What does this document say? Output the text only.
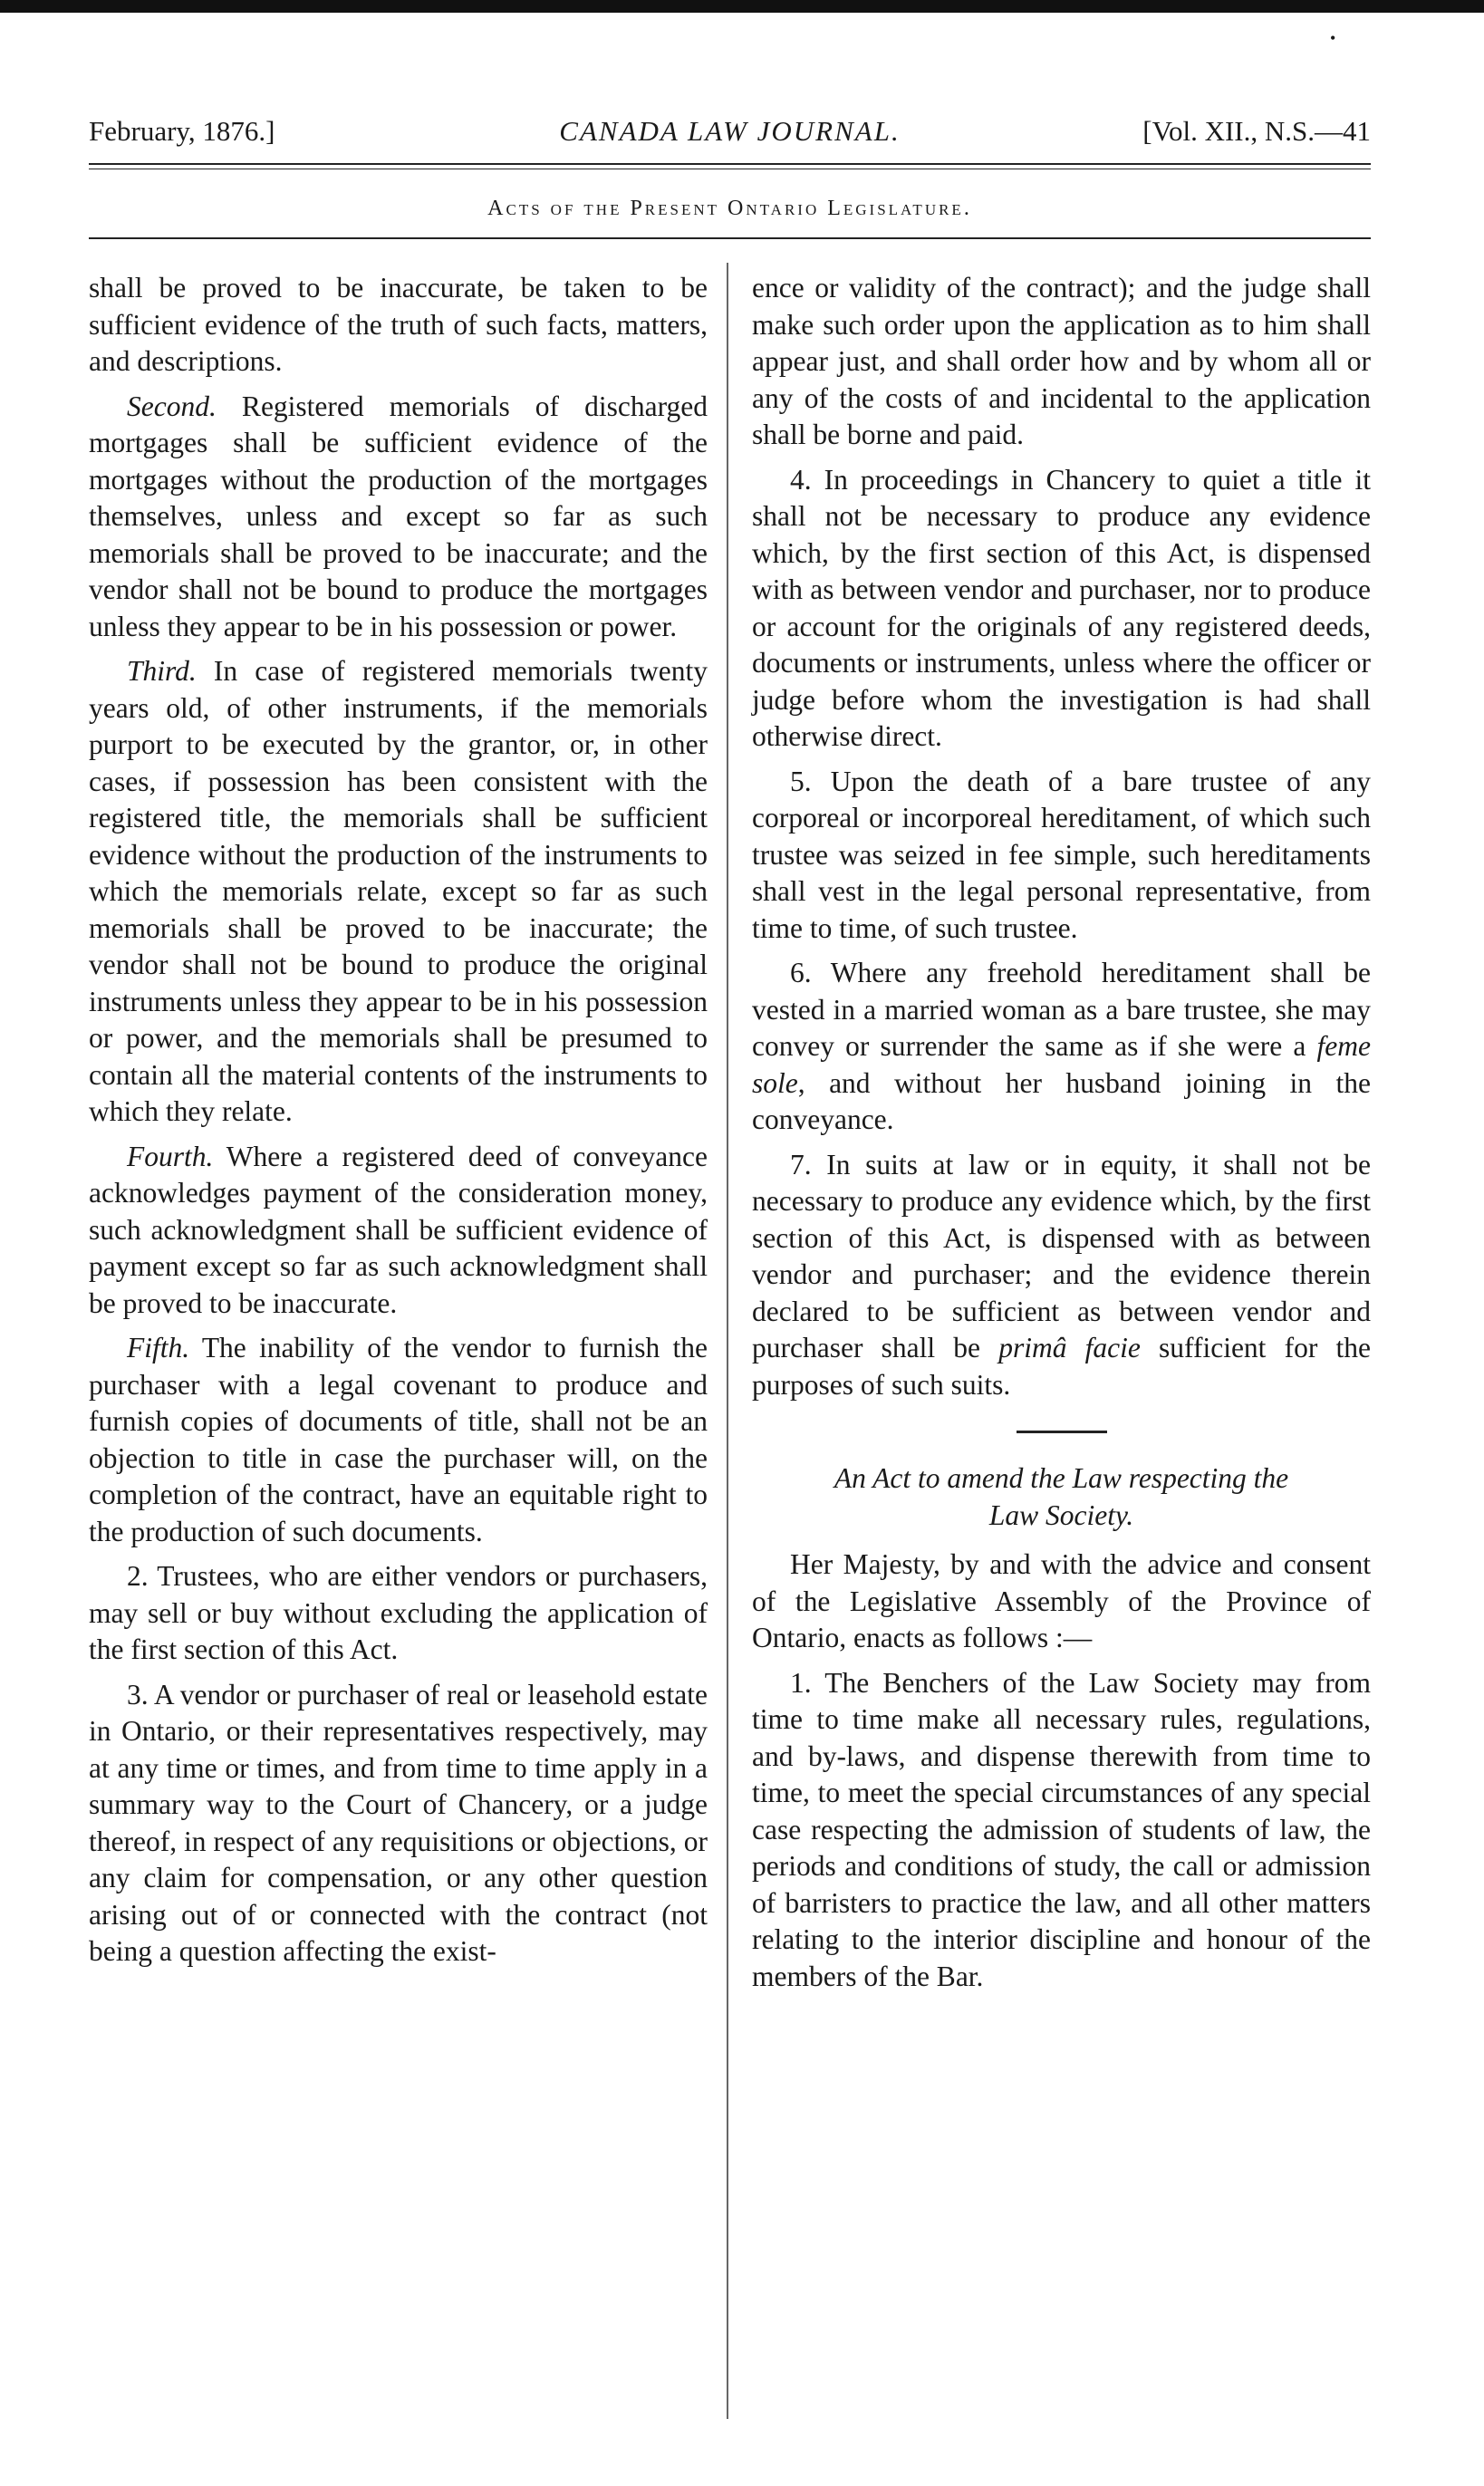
•
February, 1876.]	CANADA LAW JOURNAL.	[Vol. XII., N.S.—41
Acts of the Present Ontario Legislature.

shall be proved to be inaccurate, be taken to be sufficient evidence of the truth of such facts, matters, and descriptions.

Second. Registered memorials of discharged mortgages shall be sufficient evidence of the mortgages without the production of the mortgages themselves, unless and except so far as such memorials shall be proved to be inaccurate; and the vendor shall not be bound to produce the mortgages unless they appear to be in his possession or power.

Third. In case of registered memorials twenty years old, of other instruments, if the memorials purport to be executed by the grantor, or, in other cases, if possession has been consistent with the registered title, the memorials shall be sufficient evidence without the production of the instruments to which the memorials relate, except so far as such memorials shall be proved to be inaccurate; the vendor shall not be bound to produce the original instruments unless they appear to be in his possession or power, and the memorials shall be presumed to contain all the material contents of the instruments to which they relate.

Fourth. Where a registered deed of conveyance acknowledges payment of the consideration money, such acknowledgment shall be sufficient evidence of payment except so far as such acknowledgment shall be proved to be inaccurate.

Fifth. The inability of the vendor to furnish the purchaser with a legal covenant to produce and furnish copies of documents of title, shall not be an objection to title in case the purchaser will, on the completion of the contract, have an equitable right to the production of such documents.

2. Trustees, who are either vendors or purchasers, may sell or buy without excluding the application of the first section of this Act.

3. A vendor or purchaser of real or leasehold estate in Ontario, or their representatives respectively, may at any time or times, and from time to time apply in a summary way to the Court of Chancery, or a judge thereof, in respect of any requisitions or objections, or any claim for compensation, or any other question arising out of or connected with the contract (not being a question affecting the exist-

ence or validity of the contract); and the judge shall make such order upon the application as to him shall appear just, and shall order how and by whom all or any of the costs of and incidental to the application shall be borne and paid.

4. In proceedings in Chancery to quiet a title it shall not be necessary to produce any evidence which, by the first section of this Act, is dispensed with as between vendor and purchaser, nor to produce or account for the originals of any registered deeds, documents or instruments, unless where the officer or judge before whom the investigation is had shall otherwise direct.

5. Upon the death of a bare trustee of any corporeal or incorporeal hereditament, of which such trustee was seized in fee simple, such hereditaments shall vest in the legal personal representative, from time to time, of such trustee.

6. Where any freehold hereditament shall be vested in a married woman as a bare trustee, she may convey or surrender the same as if she were a feme sole, and without her husband joining in the conveyance.

7. In suits at law or in equity, it shall not be necessary to produce any evidence which, by the first section of this Act, is dispensed with as between vendor and purchaser; and the evidence therein declared to be sufficient as between vendor and purchaser shall be primâ facie sufficient for the purposes of such suits.

An Act to amend the Law respecting the
Law Society.

Her Majesty, by and with the advice and consent of the Legislative Assembly of the Province of Ontario, enacts as follows :—

1. The Benchers of the Law Society may from time to time make all necessary rules, regulations, and by-laws, and dispense therewith from time to time, to meet the special circumstances of any special case respecting the admission of students of law, the periods and conditions of study, the call or admission of barristers to practice the law, and all other matters relating to the interior discipline and honour of the members of the Bar.
